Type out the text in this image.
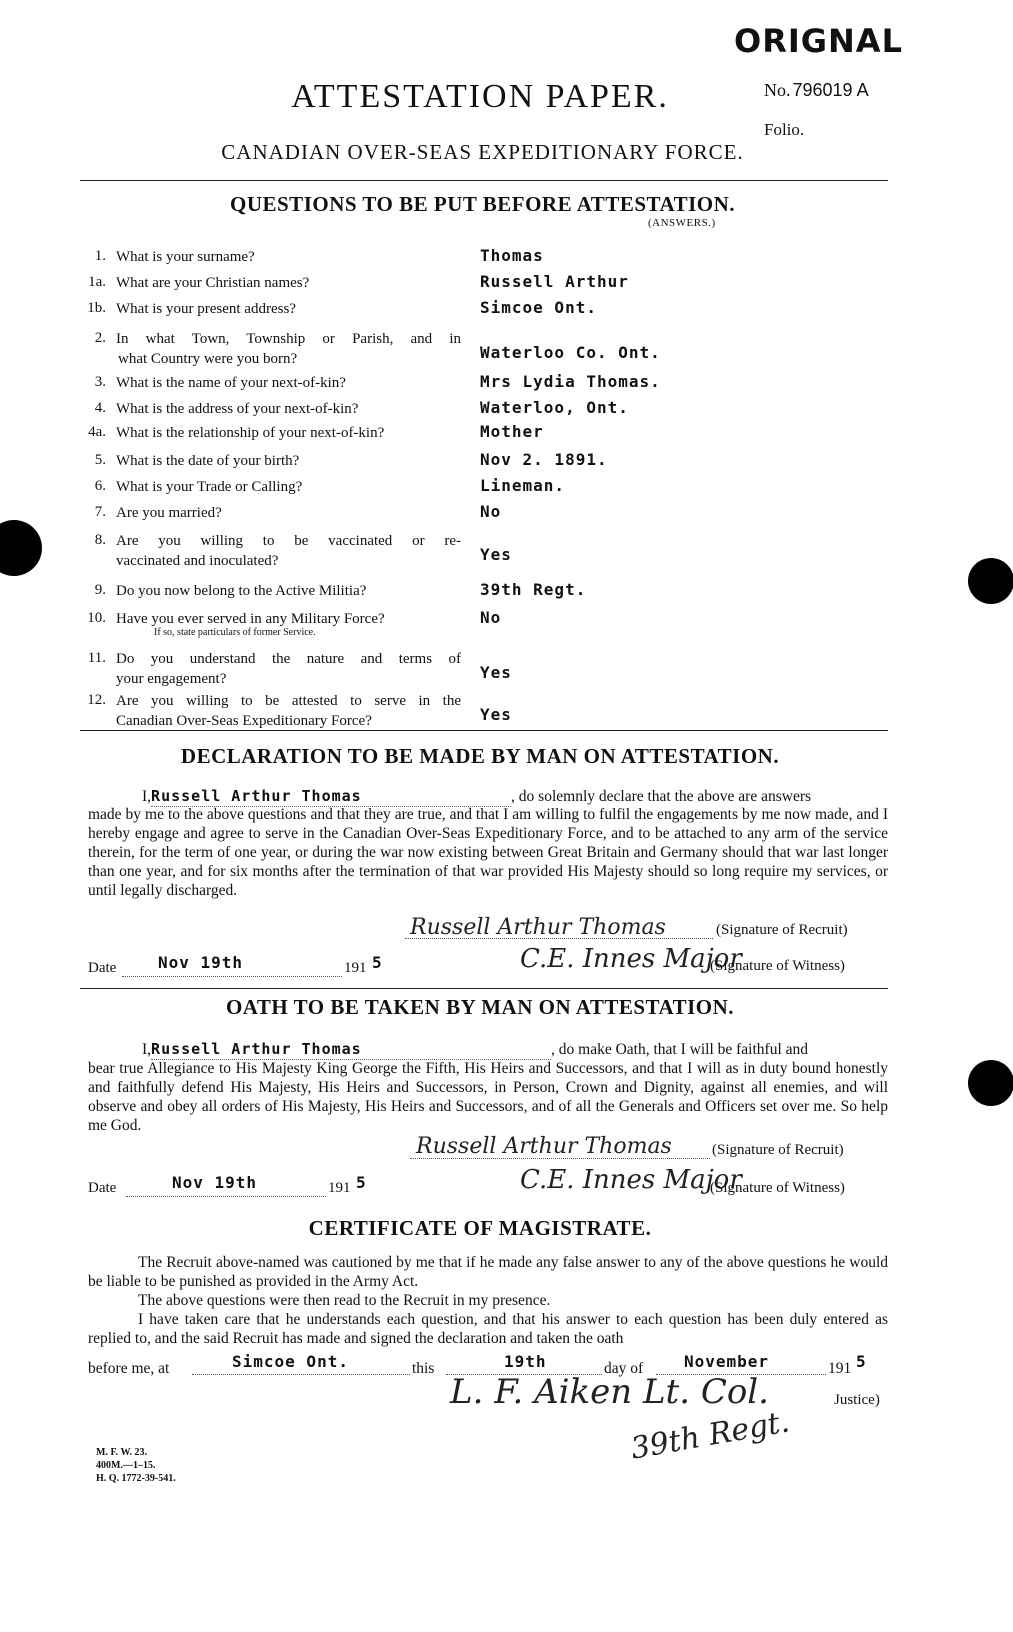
ORIGNAL
No. 796019 A
Folio.
ATTESTATION PAPER.
CANADIAN OVER-SEAS EXPEDITIONARY FORCE.
QUESTIONS TO BE PUT BEFORE ATTESTATION.
(ANSWERS.)
1. What is your surname?	Thomas
1a. What are your Christian names?	Russell Arthur
1b. What is your present address?	Simcoe Ont.
2. In what Town, Township or Parish, and in
what Country were you born?	Waterloo Co. Ont.
3. What is the name of your next-of-kin?	Mrs Lydia Thomas.
4. What is the address of your next-of-kin?	Waterloo, Ont.
4a. What is the relationship of your next-of-kin?	Mother
5. What is the date of your birth?	Nov 2. 1891.
6. What is your Trade or Calling?	Lineman.
7. Are you married?	No
8. Are you willing to be vaccinated or re-
vaccinated and inoculated?	Yes
9. Do you now belong to the Active Militia?	39th Regt.
10. Have you ever served in any Military Force?
If so, state particulars of former Service.
No
11. Do you understand the nature and terms of
your engagement?	Yes
12. Are you willing to be attested to serve in the
Canadian Over-Seas Expeditionary Force?	Yes
DECLARATION TO BE MADE BY MAN ON ATTESTATION.
I,Russell Arthur Thomas	, do solemnly declare that the above are answers
made by me to the above questions and that they are true, and that I am willing to fulfil the engagements by me now made, and I hereby engage and agree to serve in the Canadian Over-Seas Expeditionary Force, and to be attached to any arm of the service therein, for the term of one year, or during the war now existing between Great Britain and Germany should that war last longer than one year, and for six months after the termination of that war provided His Majesty should so long require my services, or until legally discharged.
Russell Arthur Thomas	(Signature of Recruit)
Date	Nov 19th	191 5	C.E. Innes Major
(Signature of Witness)
OATH TO BE TAKEN BY MAN ON ATTESTATION.
I,Russell Arthur Thomas	, do make Oath, that I will be faithful and
bear true Allegiance to His Majesty King George the Fifth, His Heirs and Successors, and that I will as in duty bound honestly and faithfully defend His Majesty, His Heirs and Successors, in Person, Crown and Dignity, against all enemies, and will observe and obey all orders of His Majesty, His Heirs and Successors, and of all the Generals and Officers set over me. So help me God.
Russell Arthur Thomas	(Signature of Recruit)
Date	Nov 19th	191 5	C.E. Innes Major
(Signature of Witness)
CERTIFICATE OF MAGISTRATE.
The Recruit above-named was cautioned by me that if he made any false answer to any of the above questions he would be liable to be punished as provided in the Army Act.
The above questions were then read to the Recruit in my presence.
I have taken care that he understands each question, and that his answer to each question has been duly entered as replied to, and the said Recruit has made and signed the declaration and taken the oath
before me, at	Simcoe Ont.	this	19th	day of	November	191 5
L. F. Aiken Lt. Col.	Justice)
39th Regt.
M. F. W. 23.
400M.—1–15.
H. Q. 1772-39-541.
